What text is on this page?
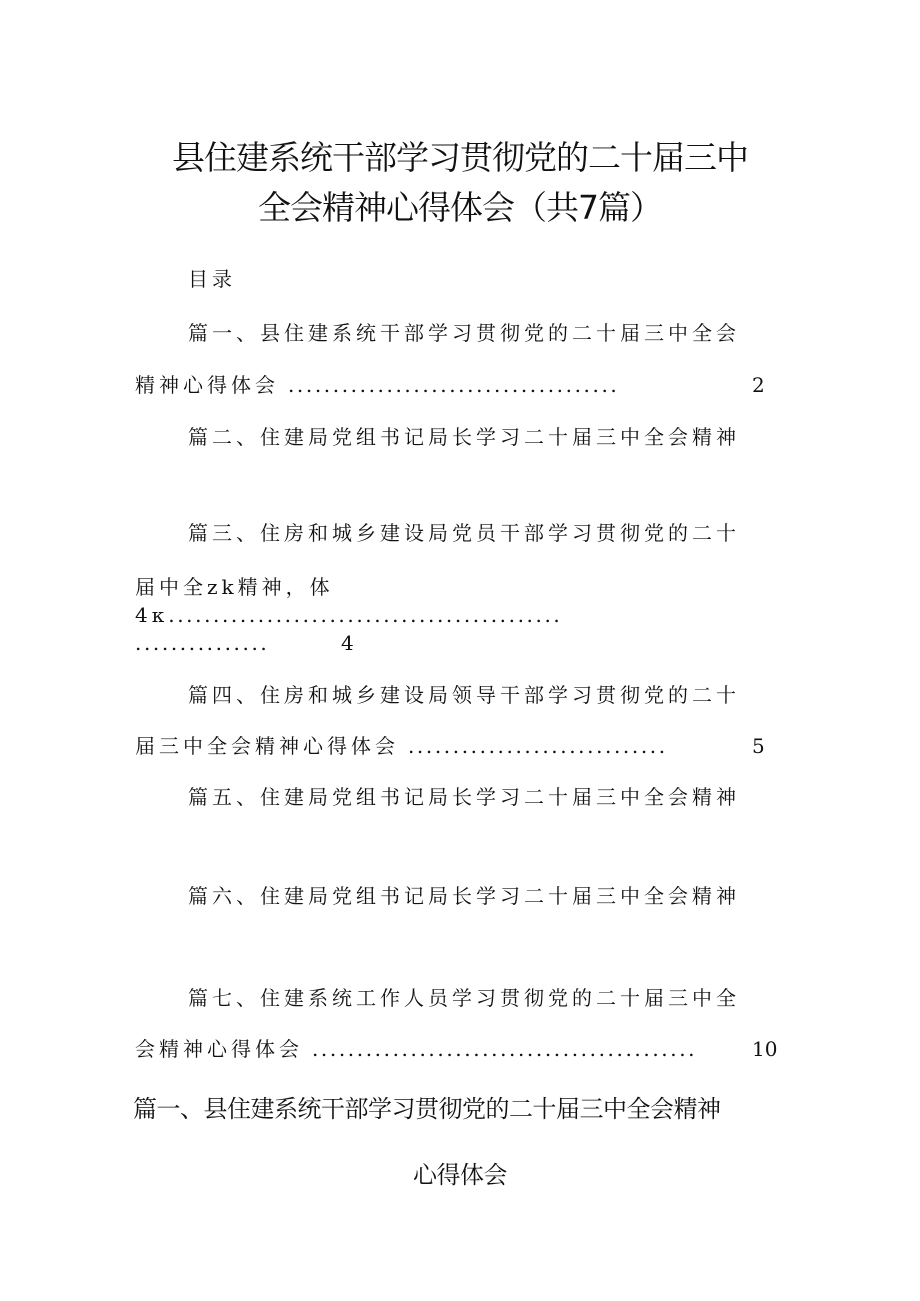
县住建系统干部学习贯彻党的二十届三中
全会精神心得体会（共7篇）
目录
篇一、县住建系统干部学习贯彻党的二十届三中全会
精神心得体会 .....................................	2
篇二、住建局党组书记局长学习二十届三中全会精神
篇三、住房和城乡建设局党员干部学习贯彻党的二十
届中全zk精神，体
4κ............................................
...............	4
篇四、住房和城乡建设局领导干部学习贯彻党的二十
届三中全会精神心得体会 .............................	5
篇五、住建局党组书记局长学习二十届三中全会精神
篇六、住建局党组书记局长学习二十届三中全会精神
篇七、住建系统工作人员学习贯彻党的二十届三中全
会精神心得体会 ...........................................	10
篇一、县住建系统干部学习贯彻党的二十届三中全会精神
心得体会
